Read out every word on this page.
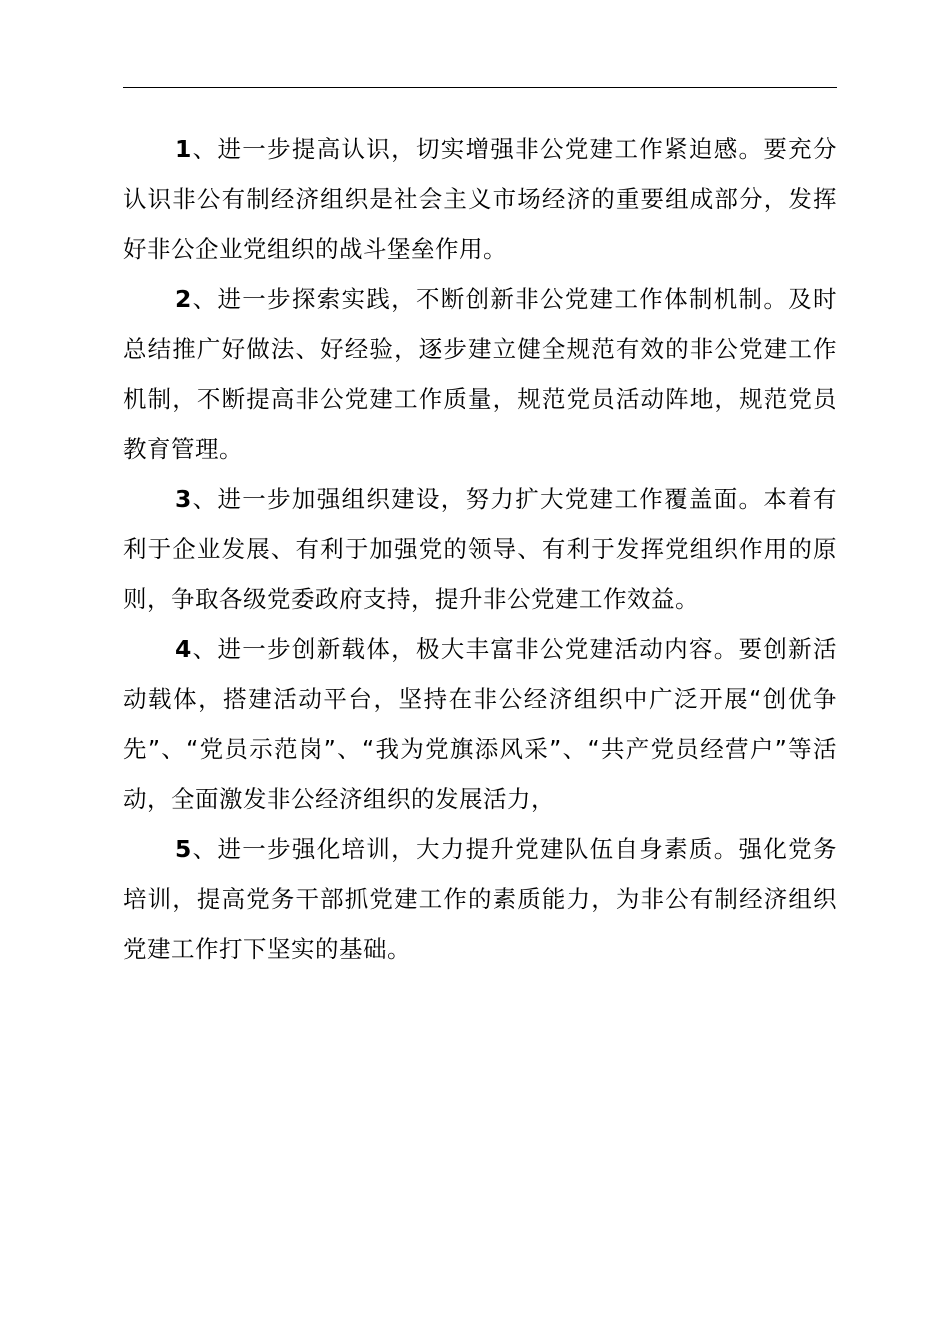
1、进一步提高认识，切实增强非公党建工作紧迫感。要充分认识非公有制经济组织是社会主义市场经济的重要组成部分，发挥好非公企业党组织的战斗堡垒作用。

2、进一步探索实践，不断创新非公党建工作体制机制。及时总结推广好做法、好经验，逐步建立健全规范有效的非公党建工作机制，不断提高非公党建工作质量，规范党员活动阵地，规范党员教育管理。

3、进一步加强组织建设，努力扩大党建工作覆盖面。本着有利于企业发展、有利于加强党的领导、有利于发挥党组织作用的原则，争取各级党委政府支持，提升非公党建工作效益。

4、进一步创新载体，极大丰富非公党建活动内容。要创新活动载体，搭建活动平台，坚持在非公经济组织中广泛开展“创优争先”、“党员示范岗”、“我为党旗添风采”、“共产党员经营户”等活动，全面激发非公经济组织的发展活力，

5、进一步强化培训，大力提升党建队伍自身素质。强化党务培训，提高党务干部抓党建工作的素质能力，为非公有制经济组织党建工作打下坚实的基础。
